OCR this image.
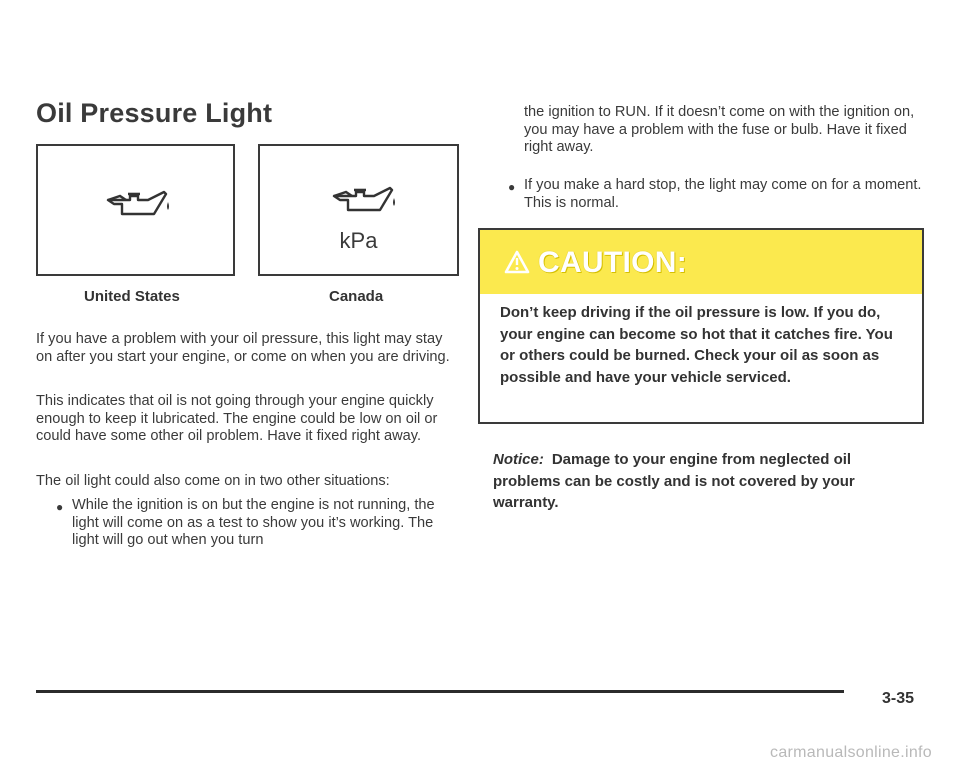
Oil Pressure Light
kPa
United States	Canada

If you have a problem with your oil pressure, this light may stay on after you start your engine, or come on when you are driving.

This indicates that oil is not going through your engine quickly enough to keep it lubricated. The engine could be low on oil or could have some other oil problem. Have it fixed right away.

The oil light could also come on in two other situations:

● While the ignition is on but the engine is not running, the light will come on as a test to show you it’s working. The light will go out when you turn

the ignition to RUN. If it doesn’t come on with the ignition on, you may have a problem with the fuse or bulb. Have it fixed right away.

● If you make a hard stop, the light may come on for a moment. This is normal.

CAUTION:
Don’t keep driving if the oil pressure is low. If you do, your engine can become so hot that it catches fire. You or others could be burned. Check your oil as soon as possible and have your vehicle serviced.
Notice: Damage to your engine from neglected oil problems can be costly and is not covered by your warranty.
3-35
carmanualsonline.info
